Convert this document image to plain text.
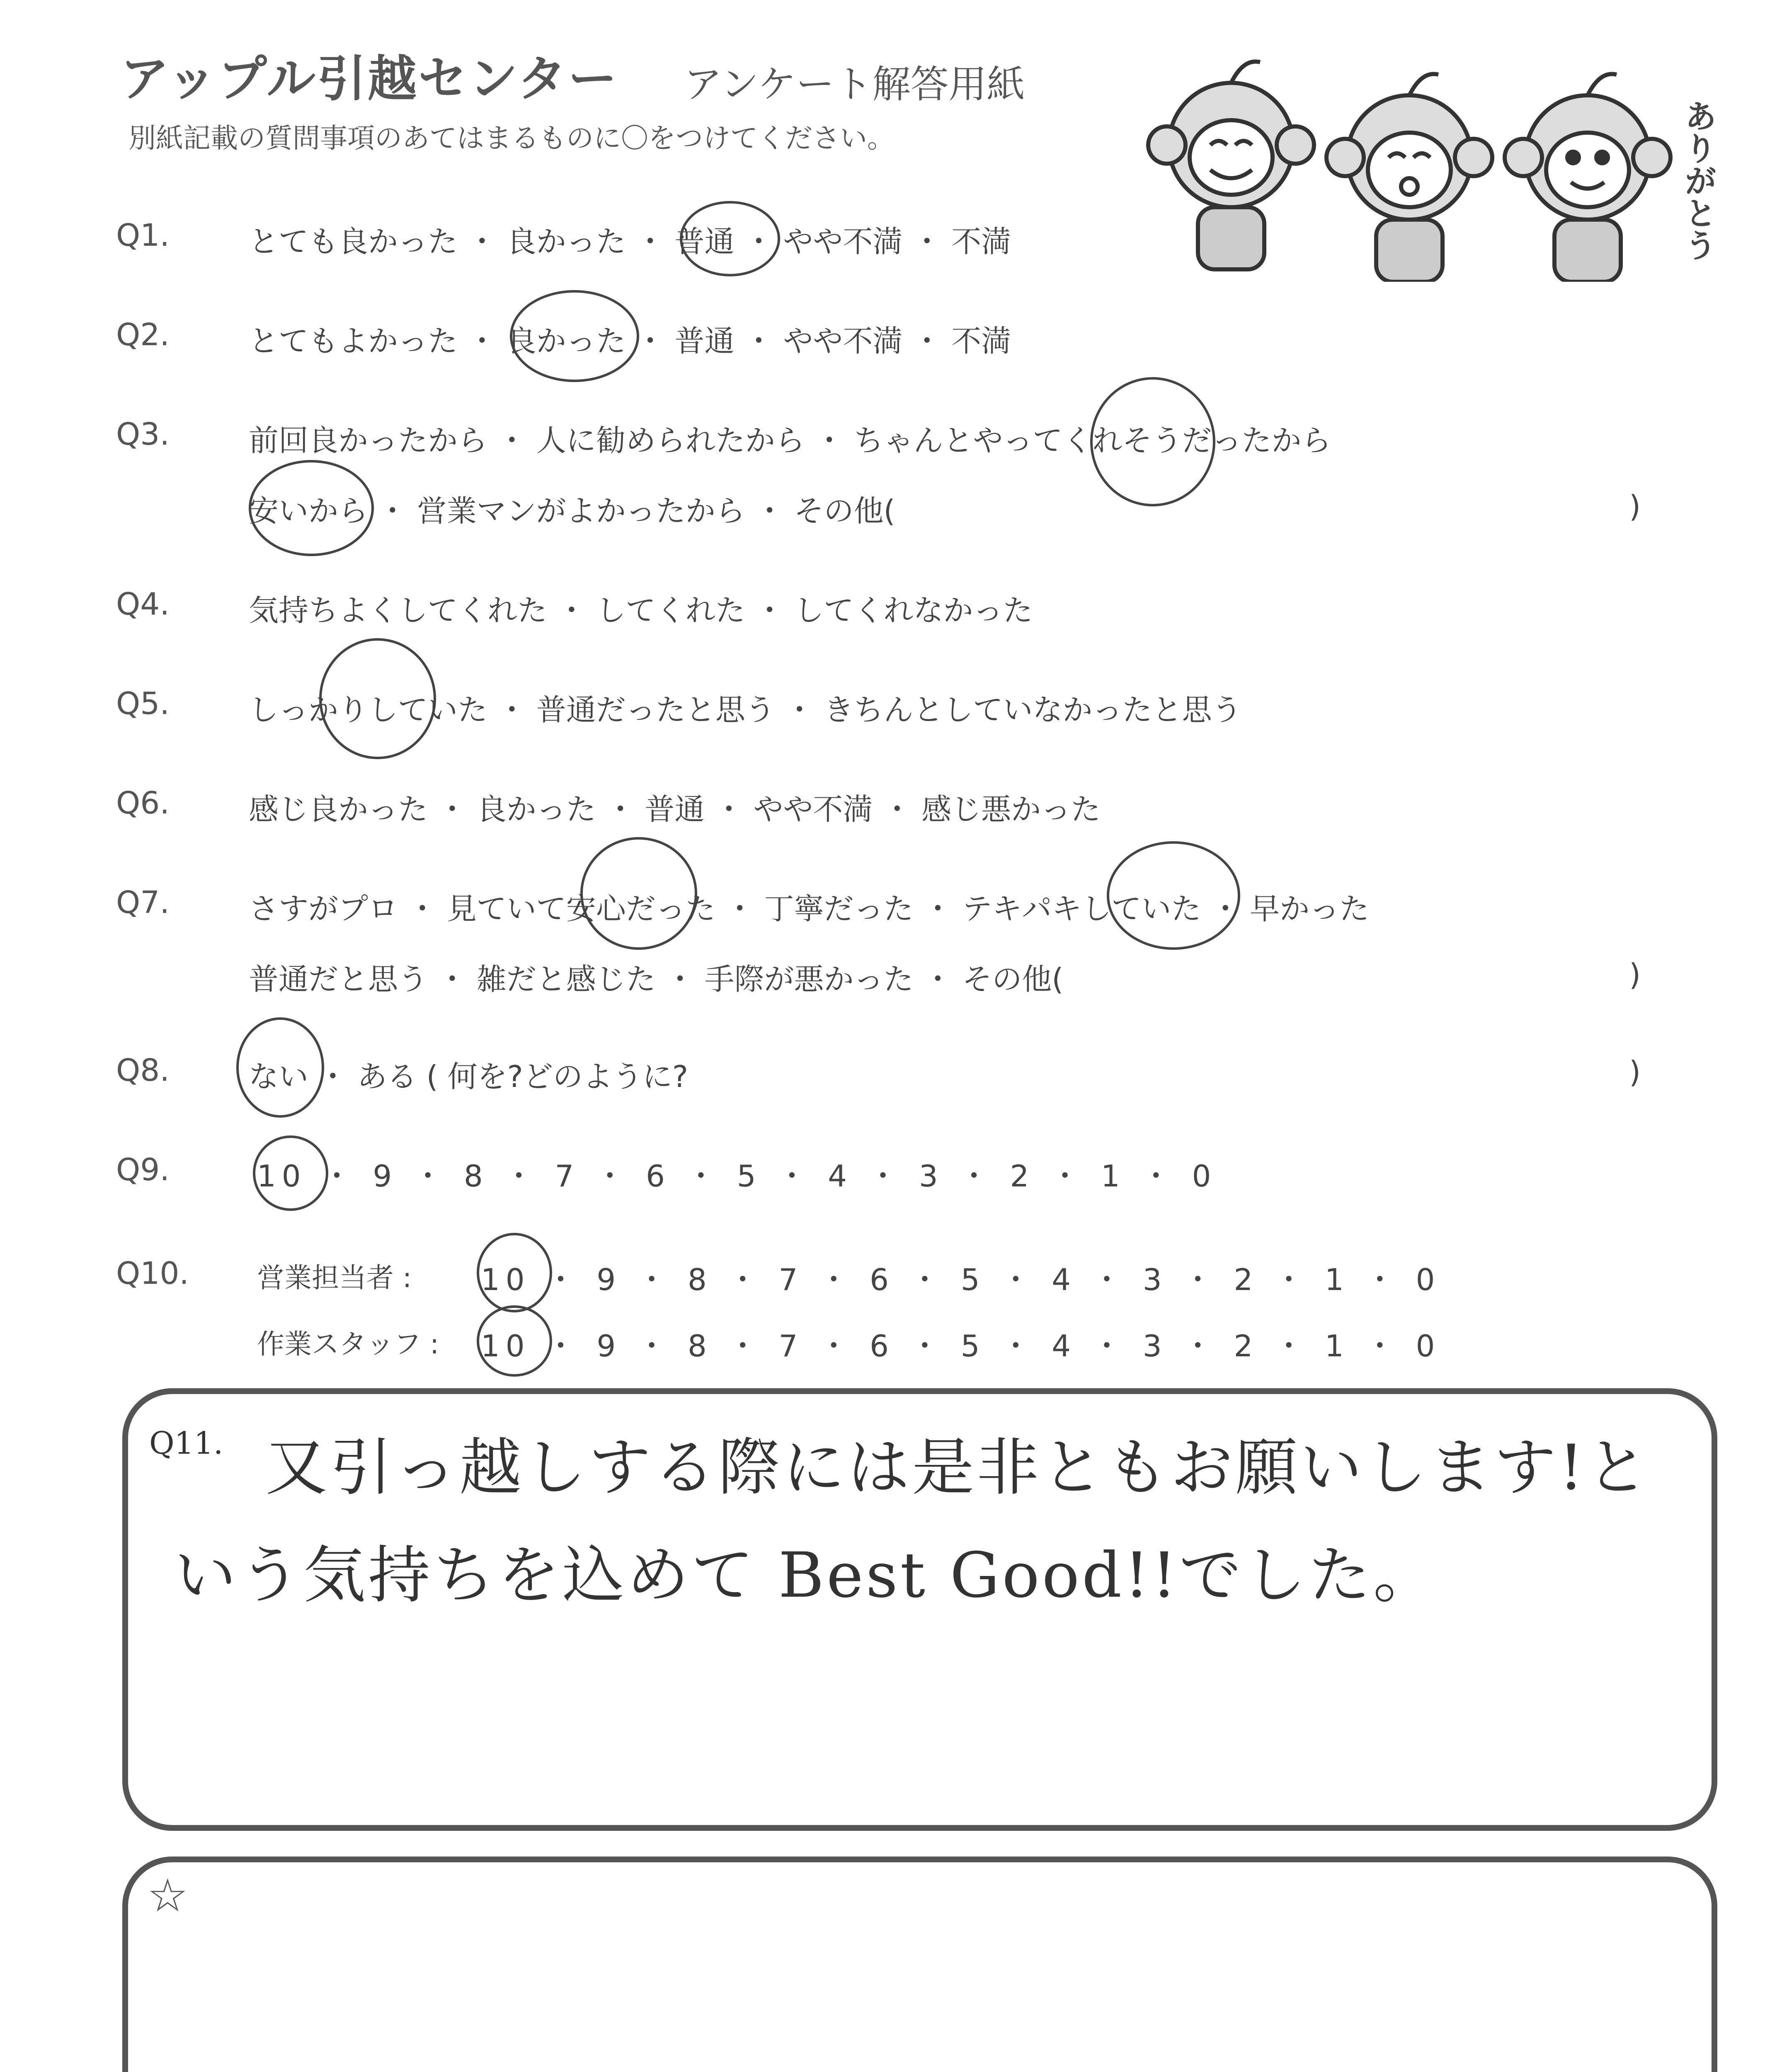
アップル引越センター アンケート解答用紙
別紙記載の質問事項のあてはまるものに〇をつけてください。	ありがとう
Q1.	とても良かった ・ 良かった ・ 普通 ・ やや不満 ・ 不満
Q2.	とてもよかった ・ 良かった ・ 普通 ・ やや不満 ・ 不満
Q3.	前回良かったから ・ 人に勧められたから ・ ちゃんとやってくれそうだったから
安いから ・ 営業マンがよかったから ・ その他(	)
Q4.	気持ちよくしてくれた ・ してくれた ・ してくれなかった
Q5.	しっかりしていた ・ 普通だったと思う ・ きちんとしていなかったと思う
Q6.	感じ良かった ・ 良かった ・ 普通 ・ やや不満 ・ 感じ悪かった
Q7.	さすがプロ ・ 見ていて安心だった ・ 丁寧だった ・ テキパキしていた ・ 早かった
普通だと思う ・ 雑だと感じた ・ 手際が悪かった ・ その他(	)
Q8.	ない ・ ある ( 何を?どのように?	)
Q9.	10 ・ 9 ・ 8 ・ 7 ・ 6 ・ 5 ・ 4 ・ 3 ・ 2 ・ 1 ・ 0
Q10. 営業担当者 : 10 ・ 9 ・ 8 ・ 7 ・ 6 ・ 5 ・ 4 ・ 3 ・ 2 ・ 1 ・ 0
作業スタッフ : 10 ・ 9 ・ 8 ・ 7 ・ 6 ・ 5 ・ 4 ・ 3 ・ 2 ・ 1 ・ 0
Q11. 又引っ越しする際には是非ともお願いします!と
いう気持ちを込めて Best Good!!でした。
☆
